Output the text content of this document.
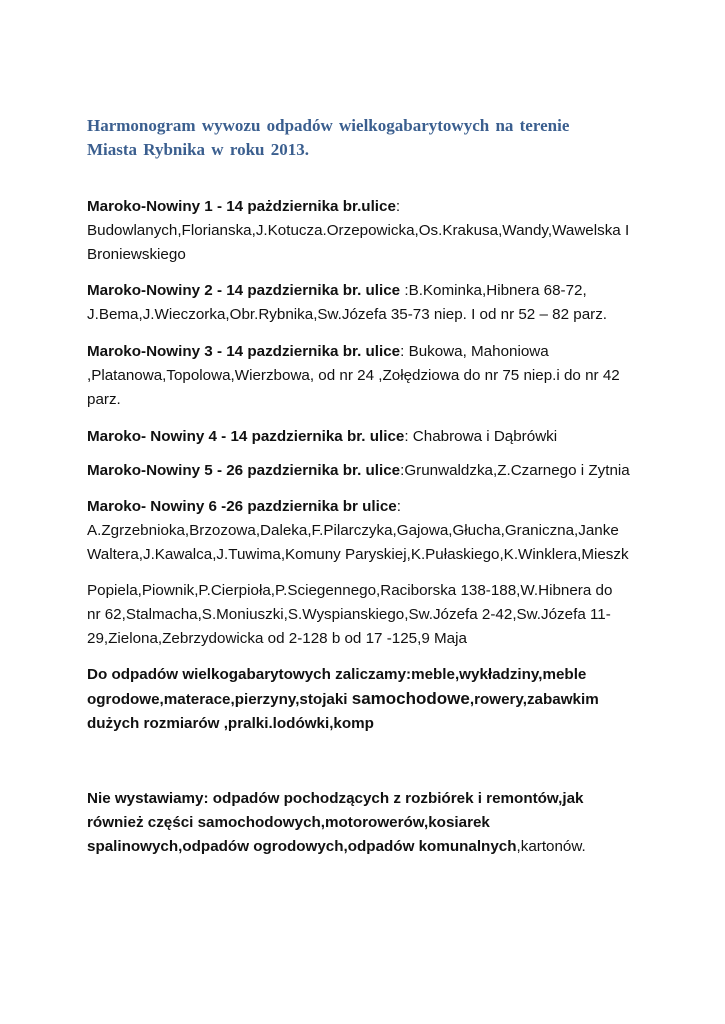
Harmonogram wywozu odpadów wielkogabarytowych na terenie
Miasta Rybnika w roku 2013.
Maroko-Nowiny 1 - 14 pażdziernika br.ulice:
Budowlanych,Florianska,J.Kotucza.Orzepowicka,Os.Krakusa,Wandy,Wawelska I
Broniewskiego
Maroko-Nowiny 2 - 14 pazdziernika br. ulice :B.Kominka,Hibnera 68-72,
J.Bema,J.Wieczorka,Obr.Rybnika,Sw.Józefa 35-73 niep. I od nr 52 – 82 parz.
Maroko-Nowiny 3 - 14 pazdziernika br. ulice: Bukowa, Mahoniowa
,Platanowa,Topolowa,Wierzbowa, od nr 24 ,Zołędziowa do nr 75 niep.i do nr 42
parz.
Maroko- Nowiny 4 - 14 pazdziernika br. ulice: Chabrowa i Dąbrówki
Maroko-Nowiny 5 - 26 pazdziernika br. ulice:Grunwaldzka,Z.Czarnego i Zytnia
Maroko- Nowiny 6 -26 pazdziernika br ulice:
A.Zgrzebnioka,Brzozowa,Daleka,F.Pilarczyka,Gajowa,Głucha,Graniczna,Janke
Waltera,J.Kawalca,J.Tuwima,Komuny Paryskiej,K.Pułaskiego,K.Winklera,Mieszk
Popiela,Piownik,P.Cierpioła,P.Sciegennego,Raciborska 138-188,W.Hibnera do
nr 62,Stalmacha,S.Moniuszki,S.Wyspianskiego,Sw.Józefa 2-42,Sw.Józefa 11-
29,Zielona,Zebrzydowicka od 2-128 b od 17 -125,9 Maja
Do odpadów wielkogabarytowych zaliczamy:meble,wykładziny,meble
ogrodowe,materace,pierzyny,stojaki samochodowe,rowery,zabawkim
dużych rozmiarów ,pralki.lodówki,komp
Nie wystawiamy: odpadów pochodzących z rozbiórek i remontów,jak
również części samochodowych,motorowerów,kosiarek
spalinowych,odpadów ogrodowych,odpadów komunalnych,kartonów.
